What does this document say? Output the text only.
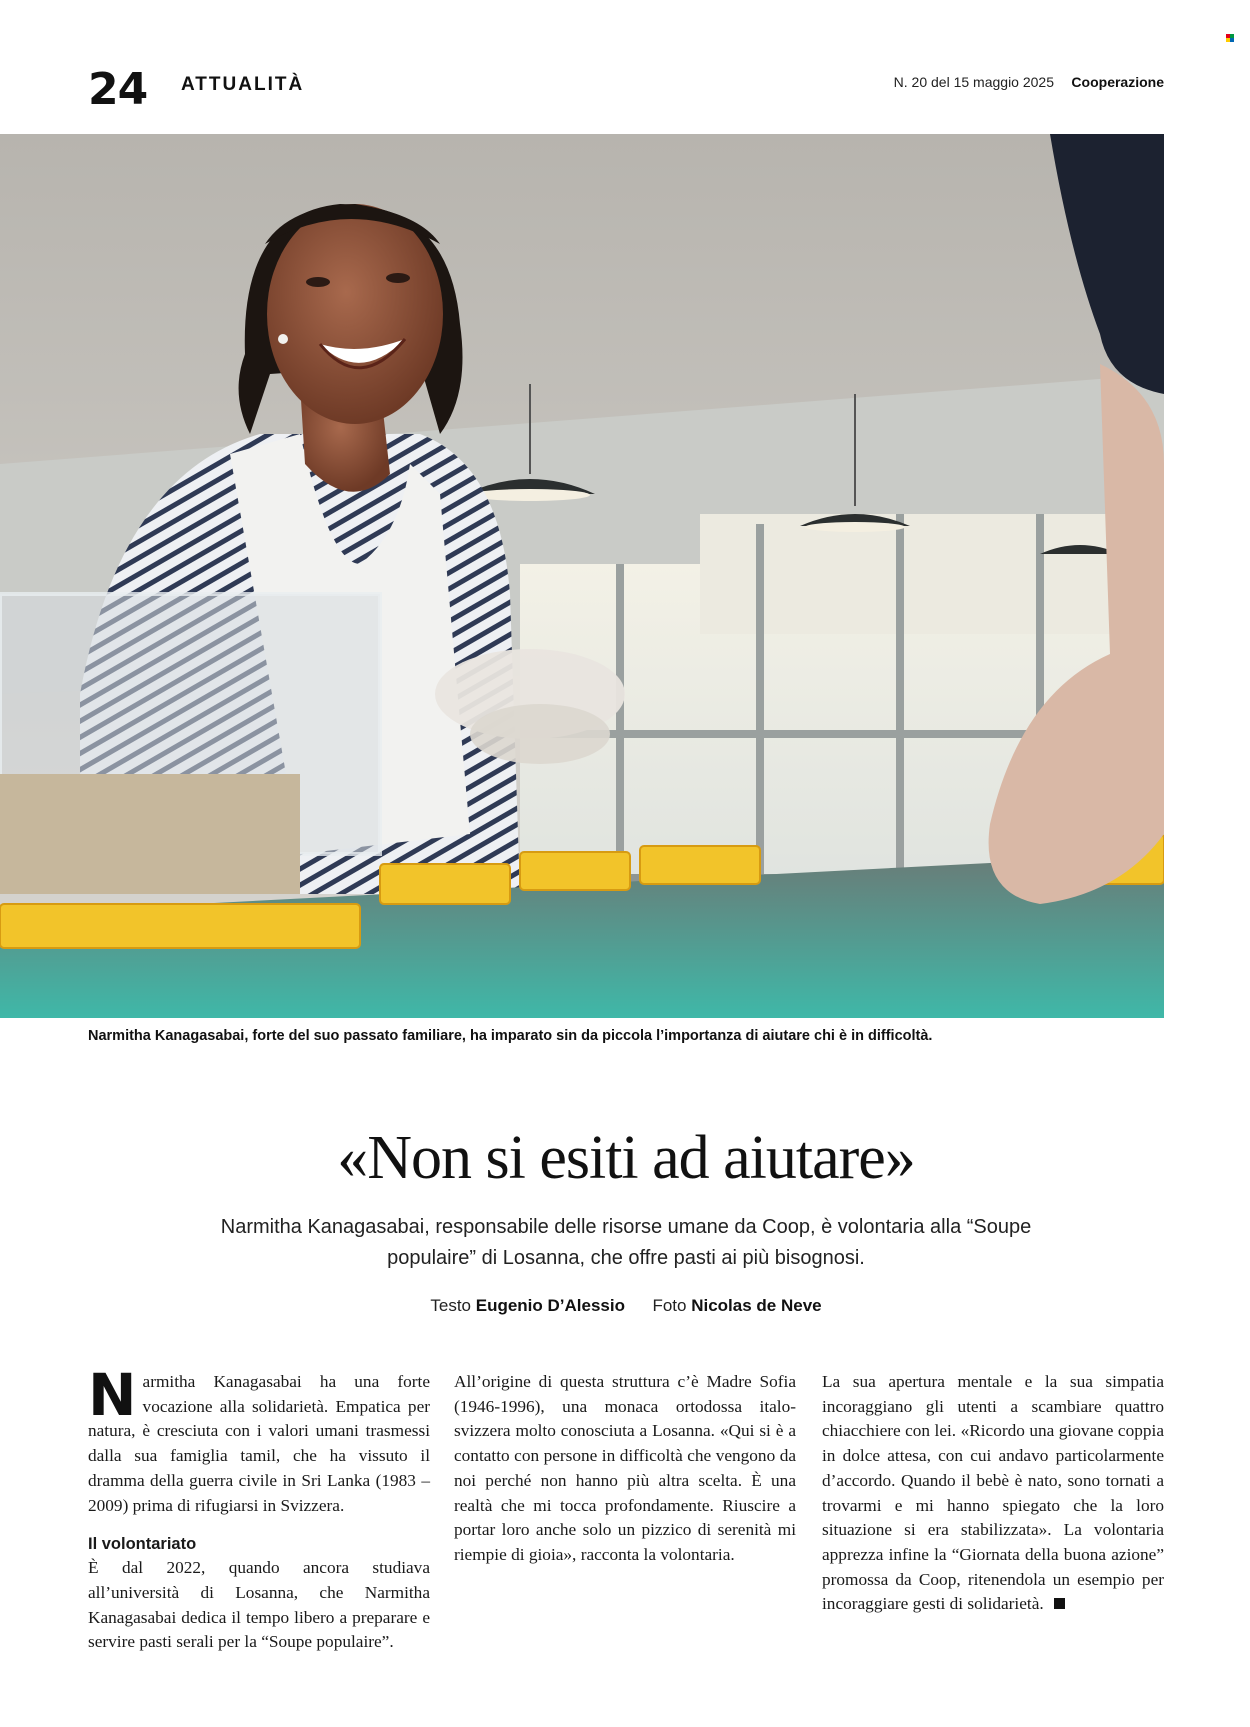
24 ATTUALITÀ	N. 20 del 15 maggio 2025 Cooperazione
Narmitha Kanagasabai, forte del suo passato familiare, ha imparato sin da piccola l’importanza di aiutare chi è in difficoltà.
«Non si esiti ad aiutare»
Narmitha Kanagasabai, responsabile delle risorse umane da Coop, è volontaria alla “Soupe populaire” di Losanna, che offre pasti ai più bisognosi.
Testo Eugenio D’Alessio Foto Nicolas de Neve

Narmitha Kanagasabai ha una forte vocazione alla solidarietà. Empatica per natura, è cresciuta con i valori umani trasmessi dalla sua famiglia tamil, che ha vissuto il dramma della guerra civile in Sri Lanka (1983 – 2009) prima di rifugiarsi in Svizzera.

Il volontariato

È dal 2022, quando ancora studiava all’università di Losanna, che Narmitha Kanagasabai dedica il tempo libero a preparare e servire pasti serali per la “Soupe populaire”.

All’origine di questa struttura c’è Madre Sofia (1946-1996), una monaca ortodossa italo-svizzera molto conosciuta a Losanna. «Qui si è a contatto con persone in difficoltà che vengono da noi perché non hanno più altra scelta. È una realtà che mi tocca profondamente. Riuscire a portar loro anche solo un pizzico di serenità mi riempie di gioia», racconta la volontaria.

La sua apertura mentale e la sua simpatia incoraggiano gli utenti a scambiare quattro chiacchiere con lei. «Ricordo una giovane coppia in dolce attesa, con cui andavo particolarmente d’accordo. Quando il bebè è nato, sono tornati a trovarmi e mi hanno spiegato che la loro situazione si era stabilizzata». La volontaria apprezza infine la “Giornata della buona azione” promossa da Coop, ritenendola un esempio per incoraggiare gesti di solidarietà.
